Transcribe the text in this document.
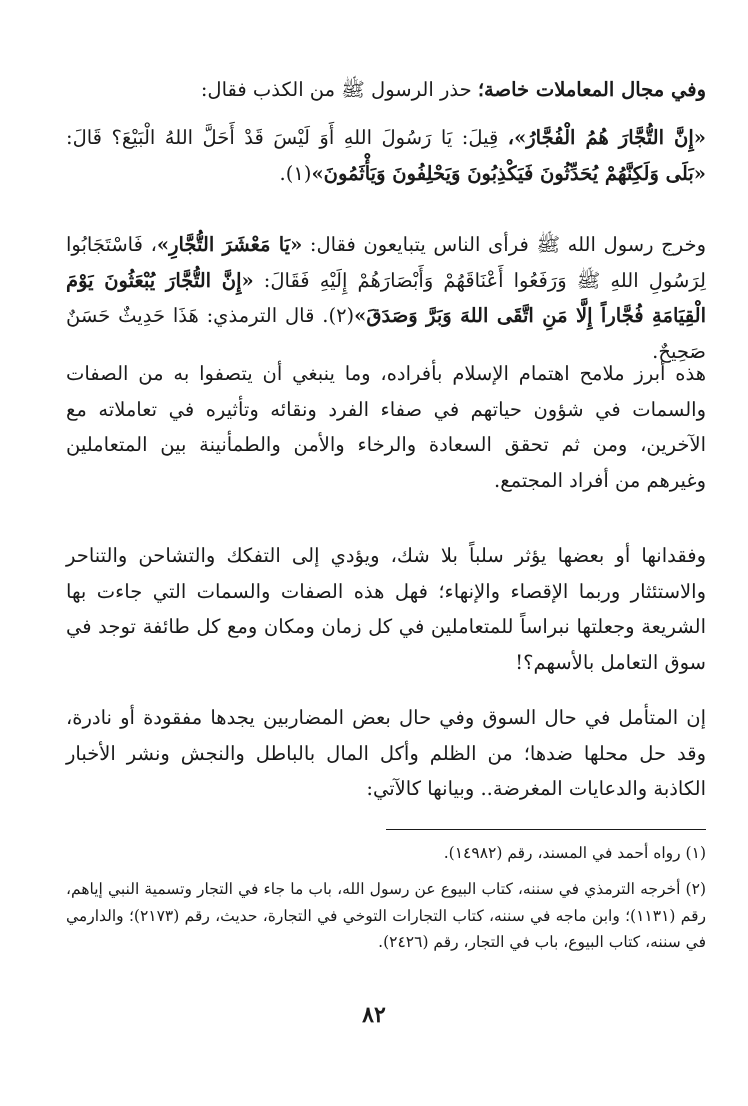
وفي مجال المعاملات خاصة؛ حذر الرسول ﷺ من الكذب فقال:

«إِنَّ التُّجَّارَ هُمُ الْفُجَّارُ»، قِيلَ: يَا رَسُولَ اللهِ أَوَ لَيْسَ قَدْ أَحَلَّ اللهُ الْبَيْعَ؟ قَالَ: «بَلَى وَلَكِنَّهُمْ يُحَدِّثُونَ فَيَكْذِبُونَ وَيَحْلِفُونَ وَيَأْثَمُونَ»(١).

وخرج رسول الله ﷺ فرأى الناس يتبايعون فقال: «يَا مَعْشَرَ التُّجَّارِ»، فَاسْتَجَابُوا لِرَسُولِ اللهِ ﷺ وَرَفَعُوا أَعْنَاقَهُمْ وَأَبْصَارَهُمْ إِلَيْهِ فَقَالَ: «إِنَّ التُّجَّارَ يُبْعَثُونَ يَوْمَ الْقِيَامَةِ فُجَّاراً إِلَّا مَنِ اتَّقَى اللهَ وَبَرَّ وَصَدَقَ»(٢). قال الترمذي: هَذَا حَدِيثٌ حَسَنٌ صَحِيحٌ.

هذه أبرز ملامح اهتمام الإسلام بأفراده، وما ينبغي أن يتصفوا به من الصفات والسمات في شؤون حياتهم في صفاء الفرد ونقائه وتأثيره في تعاملاته مع الآخرين، ومن ثم تحقق السعادة والرخاء والأمن والطمأنينة بين المتعاملين وغيرهم من أفراد المجتمع.

وفقدانها أو بعضها يؤثر سلباً بلا شك، ويؤدي إلى التفكك والتشاحن والتناحر والاستئثار وربما الإقصاء والإنهاء؛ فهل هذه الصفات والسمات التي جاءت بها الشريعة وجعلتها نبراساً للمتعاملين في كل زمان ومكان ومع كل طائفة توجد في سوق التعامل بالأسهم؟!

إن المتأمل في حال السوق وفي حال بعض المضاربين يجدها مفقودة أو نادرة، وقد حل محلها ضدها؛ من الظلم وأكل المال بالباطل والنجش ونشر الأخبار الكاذبة والدعايات المغرضة.. وبيانها كالآتي:

(١) رواه أحمد في المسند، رقم (١٤٩٨٢).

(٢) أخرجه الترمذي في سننه، كتاب البيوع عن رسول الله، باب ما جاء في التجار وتسمية النبي إياهم، رقم (١١٣١)؛ وابن ماجه في سننه، كتاب التجارات التوخي في التجارة، حديث، رقم (٢١٧٣)؛ والدارمي في سننه، كتاب البيوع، باب في التجار، رقم (٢٤٢٦).

٨٢
